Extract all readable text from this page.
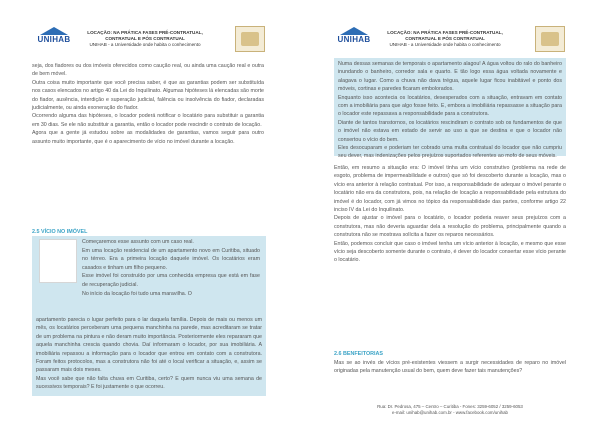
UNIHAB
LOCAÇÃO: NA PRÁTICA FASES PRÉ-CONTRATUAL,
CONTRATUAL E PÓS CONTRATUAL
UNIHAB - a Universidade onde habita o conhecimento

seja, dos fiadores ou dos imóveis oferecidos como caução real, ou ainda uma caução real e outra de bem móvel.

Outra coisa muito importante que você precisa saber, é que as garantias podem ser substituída nos casos elencados no artigo 40 da Lei do Inquilinato. Algumas hipóteses lá elencadas são morte do fiador, ausência, interdição e superação judicial, falência ou insolvência do fiador, declaradas judicialmente, ou ainda exoneração do fiador.

Ocorrendo alguma das hipóteses, o locador poderá notificar o locatário para substituir a garantia em 30 dias. Se ele não substituir a garantia, então o locador pode rescindir o contrato de locação.

Agora que a gente já estudou sobre as modalidades de garantias, vamos seguir para outro assunto muito importante, que é o aparecimento de vício no imóvel durante a locação.

2.5 VÍCIO NO IMÓVEL

Começaremos esse assunto com um caso real.

Em uma locação residencial de um apartamento novo em Curitiba, situado no térreo. Era a primeira locação daquele imóvel. Os locatários eram casados e tinham um filho pequeno.

Esse imóvel foi construído por uma conhecida empresa que está em fase de recuperação judicial.

No início da locação foi tudo uma maravilha. O

apartamento parecia o lugar perfeito para o lar daquela família. Depois de mais ou menos um mês, os locatários perceberam uma pequena manchinha na parede, mas acreditaram se tratar de um problema na pintura e não deram muito importância. Posteriormente eles repararam que aquela manchinha crescia quando chovia. Daí informaram o locador, por sua imobiliária. A imobiliária repassou a informação para o locador que entrou em contato com a construtora. Foram feitos protocolos, mas a construtora não foi até o local verificar a situação, e, assim se passaram mais dois meses.

Mas você sabe que não falta chuva em Curitiba, certo? E quem nunca viu uma semana de sucessivos temporais? E foi justamente o que ocorreu.

UNIHAB
LOCAÇÃO: NA PRÁTICA FASES PRÉ-CONTRATUAL,
CONTRATUAL E PÓS CONTRATUAL
UNIHAB - a Universidade onde habita o conhecimento

Numa dessas semanas de temporais o apartamento alagou! A água voltou do ralo do banheiro inundando o banheiro, corredor sala e quarto. E tão logo essa água voltada novamente e alagava o lugar. Como a chuva não dava trégua, aquele lugar ficou inabitável e ponto dos móveis, cortinas e paredes ficaram embolorados.

Enquanto isso acontecia os locatários, desesperados com a situação, entravam em contato com a imobiliária para que algo fosse feito. E, embora a imobiliária repassasse a situação para o locador este repassava a responsabilidade para a construtora.

Diante de tantos transtornos, os locatários rescindiram o contrato sob os fundamentos de que o imóvel não estava em estado de servir ao uso a que se destina e que o locador não consertou o vício do bem.

Eles desocuparam e poderiam ter cobrado uma multa contratual do locador que não cumpriu seu dever, mas indenizações pelos prejuízos suportados referentes ao mofo de seus móveis.

Então, em resumo a situação era: O imóvel tinha um vício construtivo (problema na rede de esgoto, problema de impermeabilidade e outros) que só foi descoberto durante a locação, mas o vício era anterior à relação contratual. Por isso, a responsabilidade de adequar o imóvel perante o locatário não era da construtora, pois, na relação de locação a responsabilidade pela estrutura do imóvel é do locador, com já vimos no tópico da responsabilidade das partes, conforme artigo 22 inciso IV da Lei do Inquilinato.

Depois de ajustar o imóvel para o locatário, o locador poderia reaver seus prejuízos com a construtora, mas não deveria aguardar dela a resolução do problema, principalmente quando a construtora não se mostrava solícita a fazer os reparos necessários.

Então, podemos concluir que caso o imóvel tenha um vício anterior à locação, e mesmo que esse vício seja descoberto somente durante o contrato, é dever do locador consertar esse vício perante o locatário.

2.6 BENFEITORIAS

Mas se ao invés de vícios pré-existentes viessem a surgir necessidades de reparo no imóvel originadas pela manutenção usual do bem, quem deve fazer tais manutenções?

Rua: Dr. Pedrosa, 475 – Centro – Curitiba - Fones: 3259-6052 / 3259-6053
e-mail: unihab@unihab.com.br - www.facebook.com/unihab
